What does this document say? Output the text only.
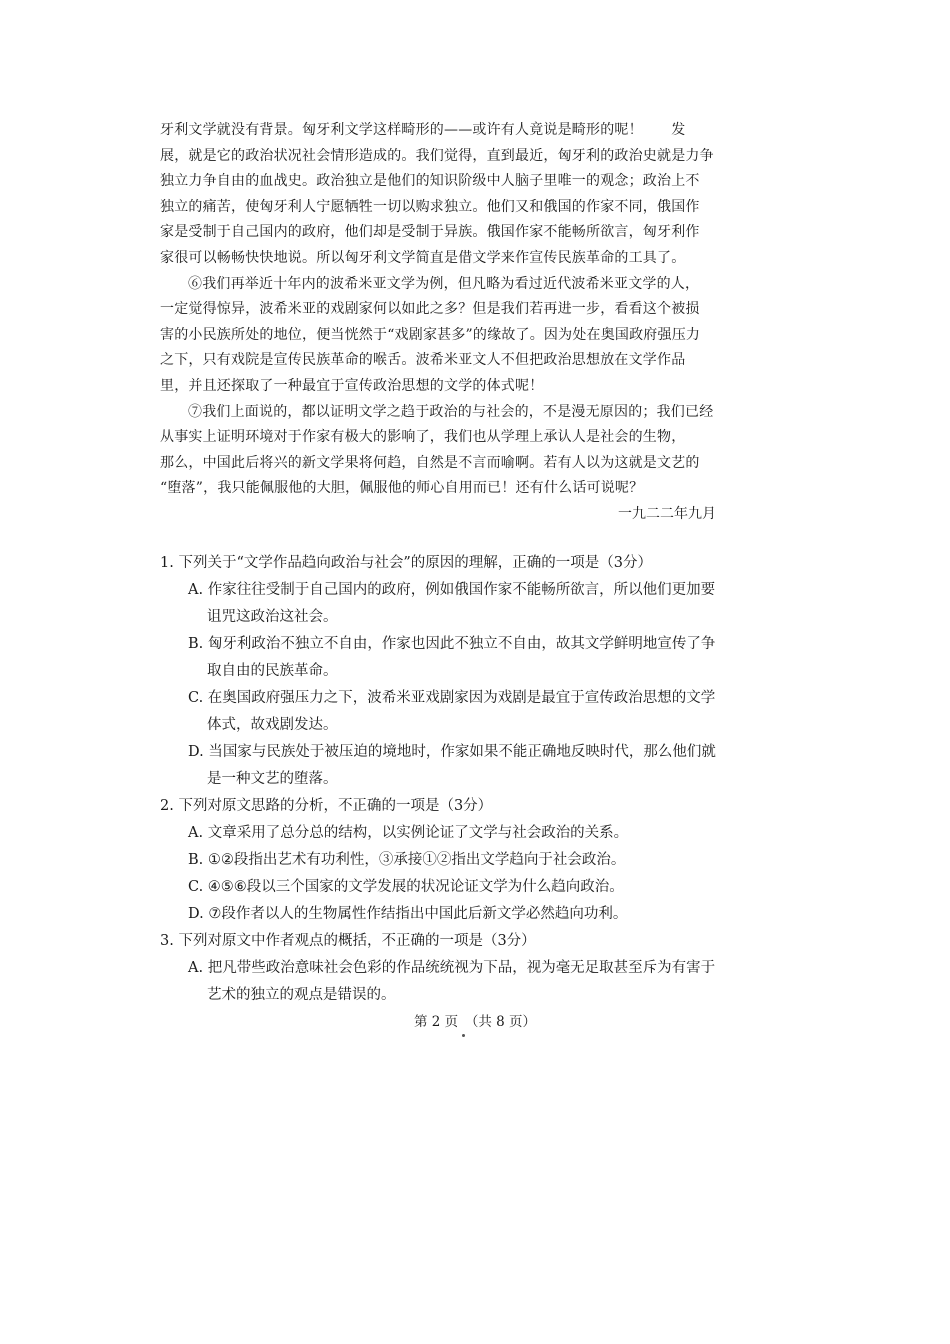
牙利文学就没有背景。匈牙利文学这样畸形的——或许有人竟说是畸形的呢！　　发
展，就是它的政治状况社会情形造成的。我们觉得，直到最近，匈牙利的政治史就是力争
独立力争自由的血战史。政治独立是他们的知识阶级中人脑子里唯一的观念；政治上不
独立的痛苦，使匈牙利人宁愿牺牲一切以购求独立。他们又和俄国的作家不同，俄国作
家是受制于自己国内的政府，他们却是受制于异族。俄国作家不能畅所欲言，匈牙利作
家很可以畅畅快快地说。所以匈牙利文学简直是借文学来作宣传民族革命的工具了。
⑥我们再举近十年内的波希米亚文学为例，但凡略为看过近代波希米亚文学的人，
一定觉得惊异，波希米亚的戏剧家何以如此之多？但是我们若再进一步，看看这个被损
害的小民族所处的地位，便当恍然于“戏剧家甚多”的缘故了。因为处在奥国政府强压力
之下，只有戏院是宣传民族革命的喉舌。波希米亚文人不但把政治思想放在文学作品
里，并且还探取了一种最宜于宣传政治思想的文学的体式呢！
⑦我们上面说的，都以证明文学之趋于政治的与社会的，不是漫无原因的；我们已经
从事实上证明环境对于作家有极大的影响了，我们也从学理上承认人是社会的生物，
那么，中国此后将兴的新文学果将何趋，自然是不言而喻啊。若有人以为这就是文艺的
“堕落”，我只能佩服他的大胆，佩服他的师心自用而已！还有什么话可说呢？
一九二二年九月
1. 下列关于“文学作品趋向政治与社会”的原因的理解，正确的一项是（3分）
A. 作家往往受制于自己国内的政府，例如俄国作家不能畅所欲言，所以他们更加要
诅咒这政治这社会。
B. 匈牙利政治不独立不自由，作家也因此不独立不自由，故其文学鲜明地宣传了争
取自由的民族革命。
C. 在奥国政府强压力之下，波希米亚戏剧家因为戏剧是最宜于宣传政治思想的文学
体式，故戏剧发达。
D. 当国家与民族处于被压迫的境地时，作家如果不能正确地反映时代，那么他们就
是一种文艺的堕落。
2. 下列对原文思路的分析，不正确的一项是（3分）
A. 文章采用了总分总的结构，以实例论证了文学与社会政治的关系。
B. ①②段指出艺术有功利性，③承接①②指出文学趋向于社会政治。
C. ④⑤⑥段以三个国家的文学发展的状况论证文学为什么趋向政治。
D. ⑦段作者以人的生物属性作结指出中国此后新文学必然趋向功利。
3. 下列对原文中作者观点的概括，不正确的一项是（3分）
A. 把凡带些政治意味社会色彩的作品统统视为下品，视为毫无足取甚至斥为有害于
艺术的独立的观点是错误的。
第 2 页　（共 8 页）
